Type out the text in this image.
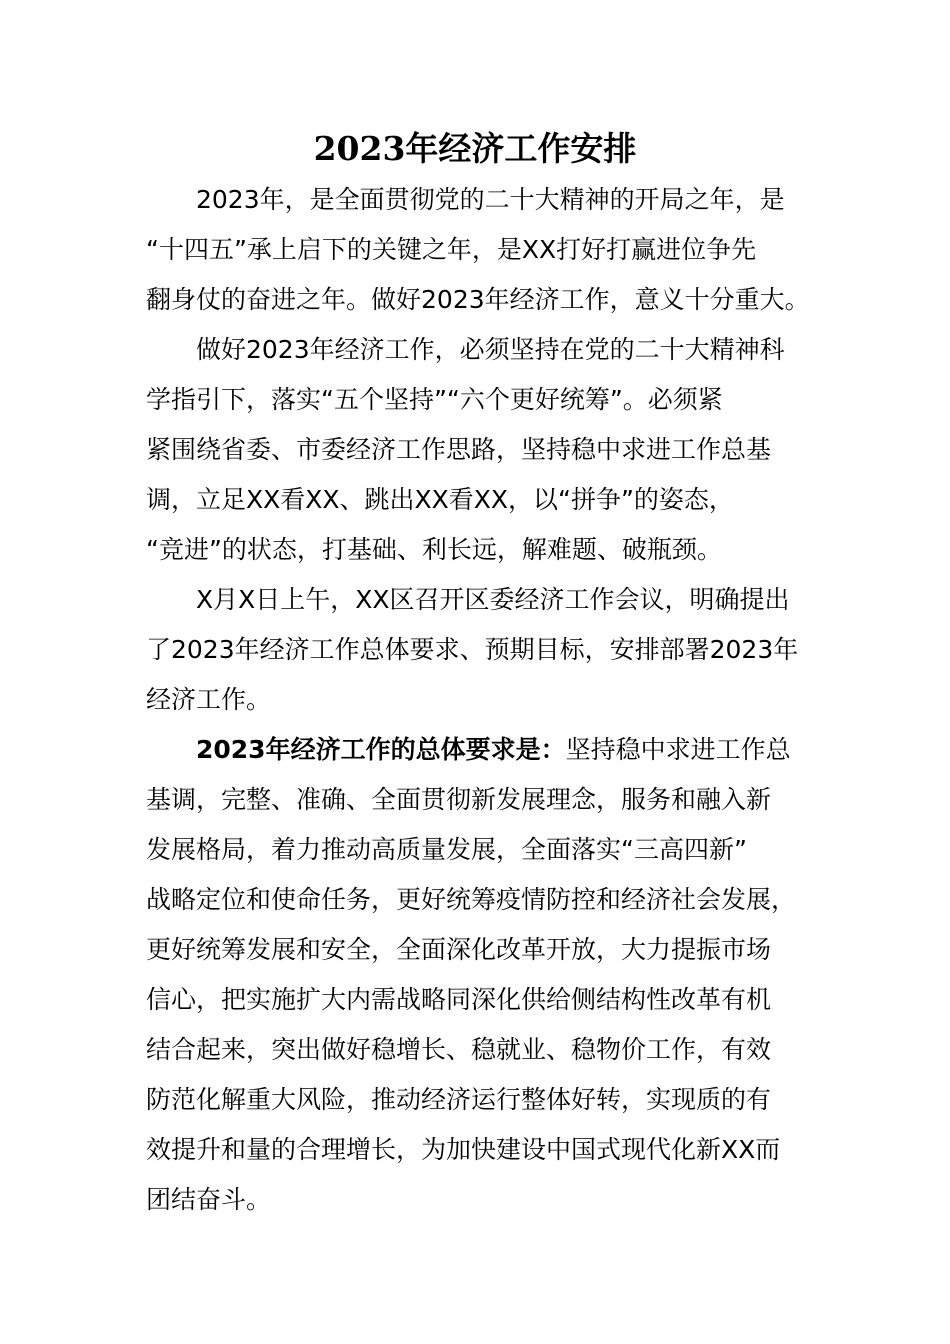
2023年经济工作安排
2023年，是全面贯彻党的二十大精神的开局之年，是
“十四五”承上启下的关键之年，是XX打好打赢进位争先
翻身仗的奋进之年。做好2023年经济工作，意义十分重大。
做好2023年经济工作，必须坚持在党的二十大精神科
学指引下，落实“五个坚持”“六个更好统筹”。必须紧
紧围绕省委、市委经济工作思路，坚持稳中求进工作总基
调，立足XX看XX、跳出XX看XX，以“拼争”的姿态，
“竞进”的状态，打基础、利长远，解难题、破瓶颈。
X月X日上午，XX区召开区委经济工作会议，明确提出
了2023年经济工作总体要求、预期目标，安排部署2023年
经济工作。
2023年经济工作的总体要求是：坚持稳中求进工作总
基调，完整、准确、全面贯彻新发展理念，服务和融入新
发展格局，着力推动高质量发展，全面落实“三高四新”
战略定位和使命任务，更好统筹疫情防控和经济社会发展，
更好统筹发展和安全，全面深化改革开放，大力提振市场
信心，把实施扩大内需战略同深化供给侧结构性改革有机
结合起来，突出做好稳增长、稳就业、稳物价工作，有效
防范化解重大风险，推动经济运行整体好转，实现质的有
效提升和量的合理增长，为加快建设中国式现代化新XX而
团结奋斗。
